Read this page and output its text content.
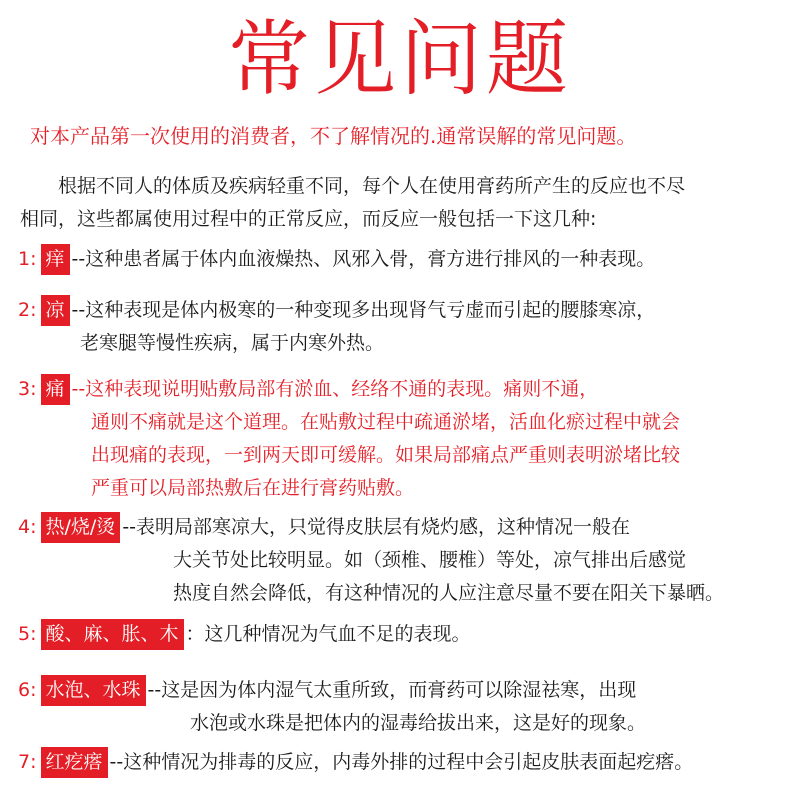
常见问题
对本产品第一次使用的消费者，不了解情况的.通常误解的常见问题。
根据不同人的体质及疾病轻重不同，每个人在使用膏药所产生的反应也不尽
相同，这些都属使用过程中的正常反应，而反应一般包括一下这几种:
1: 痒 --这种患者属于体内血液燥热、风邪入骨，膏方进行排风的一种表现。
2: 凉 --这种表现是体内极寒的一种变现多出现肾气亏虚而引起的腰膝寒凉，
老寒腿等慢性疾病，属于内寒外热。
3: 痛 --这种表现说明贴敷局部有淤血、经络不通的表现。痛则不通，
通则不痛就是这个道理。在贴敷过程中疏通淤堵，活血化瘀过程中就会
出现痛的表现，一到两天即可缓解。如果局部痛点严重则表明淤堵比较
严重可以局部热敷后在进行膏药贴敷。
4: 热/烧/烫 --表明局部寒凉大，只觉得皮肤层有烧灼感，这种情况一般在
大关节处比较明显。如（颈椎、腰椎）等处，凉气排出后感觉
热度自然会降低，有这种情况的人应注意尽量不要在阳关下暴晒。
5: 酸、麻、胀、木 ：这几种情况为气血不足的表现。
6: 水泡、水珠 --这是因为体内湿气太重所致，而膏药可以除湿祛寒，出现
水泡或水珠是把体内的湿毒给拔出来，这是好的现象。
7: 红疙瘩 --这种情况为排毒的反应，内毒外排的过程中会引起皮肤表面起疙瘩。
